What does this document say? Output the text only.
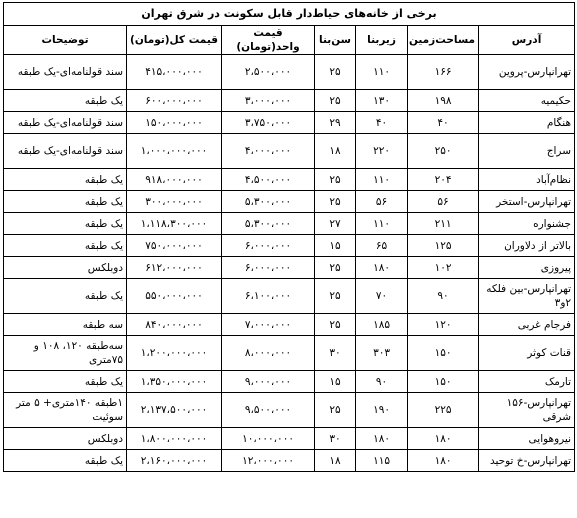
برخی از خانه‌های حیاط‌دار قابل سکونت در شرق تهران						
آدرس	مساحت‌زمین	زیربنا	سن‌بنا	قیمت واحد(تومان)	قیمت کل(تومان)	توضیحات
تهرانپارس-پروین	۱۶۶	۱۱۰	۲۵	۲،۵۰۰،۰۰۰	۴۱۵،۰۰۰،۰۰۰	سند قولنامه‌ای-یک طبقه
حکیمیه	۱۹۸	۱۳۰	۲۵	۳،۰۰۰،۰۰۰	۶۰۰،۰۰۰،۰۰۰	یک طبقه
هنگام	۴۰	۴۰	۲۹	۳،۷۵۰،۰۰۰	۱۵۰،۰۰۰،۰۰۰	سند قولنامه‌ای-یک طبقه
سراج	۲۵۰	۲۲۰	۱۸	۴،۰۰۰،۰۰۰	۱،۰۰۰،۰۰۰،۰۰۰	سند قولنامه‌ای-یک طبقه
نظام‌آباد	۲۰۴	۱۱۰	۲۵	۴،۵۰۰،۰۰۰	۹۱۸،۰۰۰،۰۰۰	یک طبقه
تهرانپارس-استخر	۵۶	۵۶	۲۵	۵،۳۰۰،۰۰۰	۳۰۰،۰۰۰،۰۰۰	یک طبقه
جشنواره	۲۱۱	۱۱۰	۲۷	۵،۳۰۰،۰۰۰	۱،۱۱۸،۳۰۰،۰۰۰	یک طبقه
بالاتر از دلاوران	۱۲۵	۶۵	۱۵	۶،۰۰۰،۰۰۰	۷۵۰،۰۰۰،۰۰۰	یک طبقه
پیروزی	۱۰۲	۱۸۰	۲۵	۶،۰۰۰،۰۰۰	۶۱۲،۰۰۰،۰۰۰	دوبلکس
تهرانپارس-بین فلکه ۲و۳	۹۰	۷۰	۲۵	۶،۱۰۰،۰۰۰	۵۵۰،۰۰۰،۰۰۰	یک طبقه
فرجام غربی	۱۲۰	۱۸۵	۲۵	۷،۰۰۰،۰۰۰	۸۴۰،۰۰۰،۰۰۰	سه طبقه
قنات کوثر	۱۵۰	۳۰۳	۳۰	۸،۰۰۰،۰۰۰	۱،۲۰۰،۰۰۰،۰۰۰	سه‌طبقه ۱۲۰، ۱۰۸ و ۷۵متری
تارمک	۱۵۰	۹۰	۱۵	۹،۰۰۰،۰۰۰	۱،۳۵۰،۰۰۰،۰۰۰	یک طبقه
تهرانپارس-۱۵۶ شرقی	۲۲۵	۱۹۰	۲۵	۹،۵۰۰،۰۰۰	۲،۱۳۷،۵۰۰،۰۰۰	۱طبقه ۱۴۰متری+ ۵ متر سوئیت
نیروهوایی	۱۸۰	۱۸۰	۳۰	۱۰،۰۰۰،۰۰۰	۱،۸۰۰،۰۰۰،۰۰۰	دوبلکس
تهرانپارس-خ توحید	۱۸۰	۱۱۵	۱۸	۱۲،۰۰۰،۰۰۰	۲،۱۶۰،۰۰۰،۰۰۰	یک طبقه
